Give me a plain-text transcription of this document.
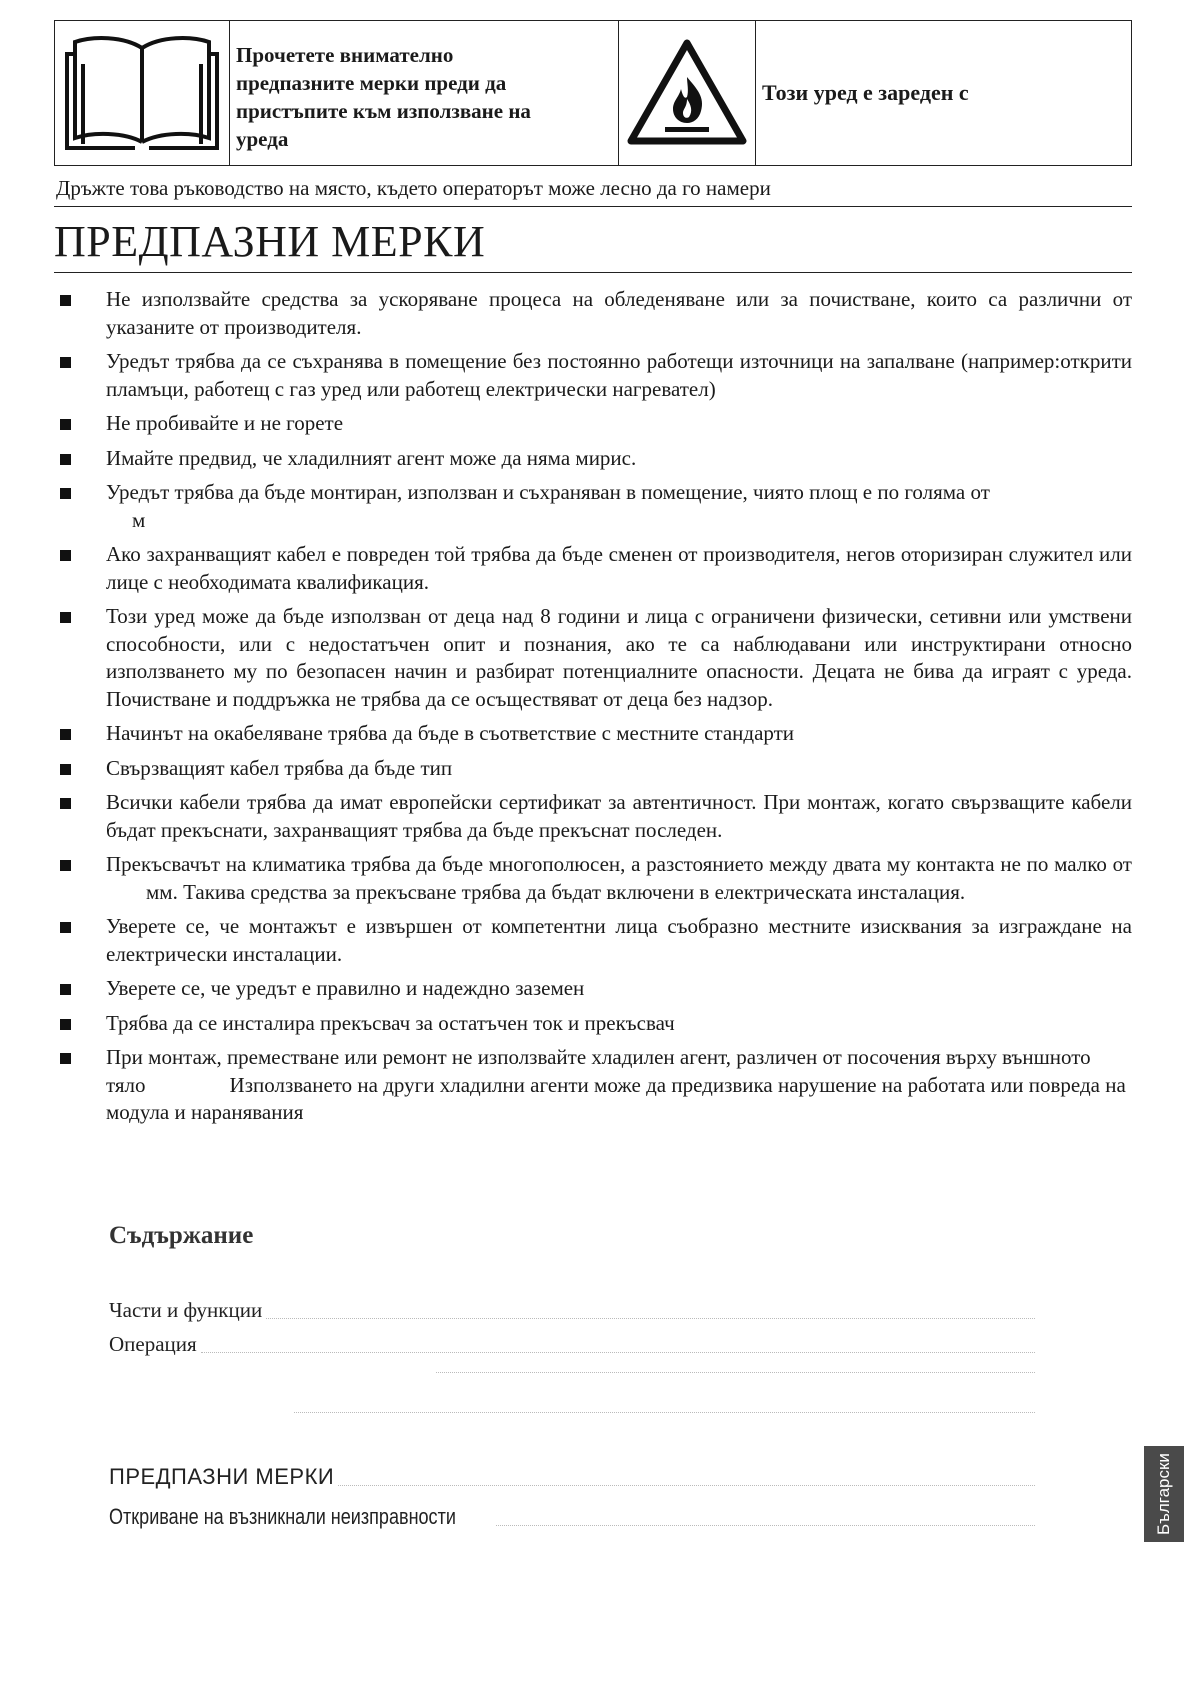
Прочетете внимателно
предпазните мерки преди да
пристъпите към използване на
уреда
Този уред е зареден с
Дръжте това ръководство на място, където операторът може лесно да го намери
ПРЕДПАЗНИ МЕРКИ
Не използвайте средства за ускоряване процеса на обледеняване или за почистване, които са различни от указаните от производителя.
Уредът трябва да се съхранява в помещение без постоянно работещи източници на запалване (например:открити пламъци, работещ с газ уред или работещ електрически нагревател)
Не пробивайте и не горете
Имайте предвид, че хладилният агент може да няма мирис.
Уредът трябва да бъде монтиран, използван и съхраняван в помещение, чиято площ е по голяма от
м
Ако захранващият кабел е повреден той трябва да бъде сменен от производителя, негов оторизиран служител или лице с необходимата квалификация.
Този уред може да бъде използван от деца над 8 години и лица с ограничени физически, сетивни или умствени способности, или с недостатъчен опит и познания, ако те са наблюдавани или инструктирани относно използването му по безопасен начин и разбират потенциалните опасности. Децата не бива да играят с уреда. Почистване и поддръжка не трябва да се осъществяват от деца без надзор.
Начинът на окабеляване трябва да бъде в съответствие с местните стандарти
Свързващият кабел трябва да бъде тип
Всички кабели трябва да имат европейски сертификат за автентичност. При монтаж, когато свързващите кабели бъдат прекъснати, захранващият трябва да бъде прекъснат последен.
Прекъсвачът на климатика трябва да бъде многополюсен, а разстоянието между двата му контакта не по малко отмм. Такива средства за прекъсване трябва да бъдат включени в електрическата инсталация.
Уверете се, че монтажът е извършен от компетентни лица съобразно местните изисквания за изграждане на електрически инсталации.
Уверете се, че уредът е правилно и надеждно заземен
Трябва да се инсталира прекъсвач за остатъчен ток и прекъсвач
При монтаж, преместване или ремонт не използвайте хладилен агент, различен от посочения върху външното тяло	Използването на други хладилни агенти може да предизвика нарушение на работата или повреда на модула и наранявания
Съдържание
Части и функции
Операция
ПРЕДПАЗНИ МЕРКИ
Откриване на възникнали неизправности	Български
